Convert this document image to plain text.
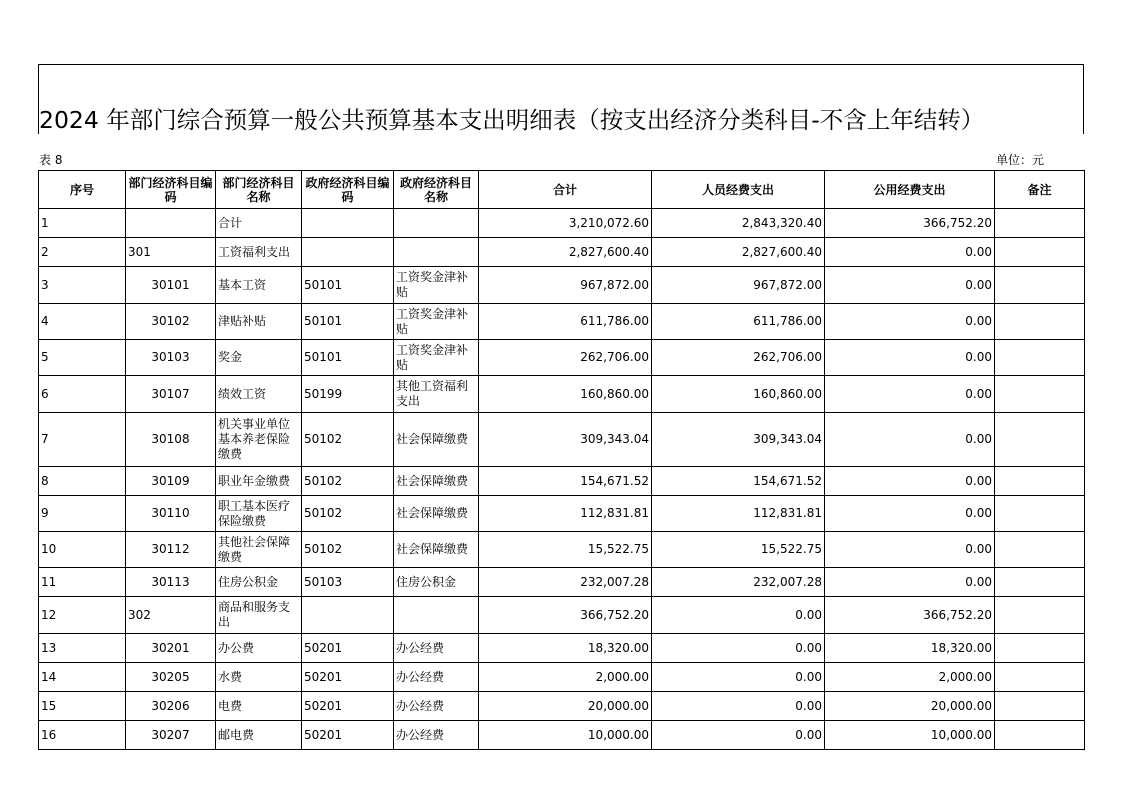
2024 年部门综合预算一般公共预算基本支出明细表（按支出经济分类科目-不含上年结转）
表 8	单位：元
序号	部门经济科目编码	部门经济科目名称	政府经济科目编码	政府经济科目名称	合计	人员经费支出	公用经费支出	备注
1		合计			3,210,072.60	2,843,320.40	366,752.20	
2	301	工资福利支出			2,827,600.40	2,827,600.40	0.00	
3	30101	基本工资	50101	工资奖金津补贴	967,872.00	967,872.00	0.00	
4	30102	津贴补贴	50101	工资奖金津补贴	611,786.00	611,786.00	0.00	
5	30103	奖金	50101	工资奖金津补贴	262,706.00	262,706.00	0.00	
6	30107	绩效工资	50199	其他工资福利支出	160,860.00	160,860.00	0.00	
7	30108	机关事业单位基本养老保险缴费	50102	社会保障缴费	309,343.04	309,343.04	0.00	
8	30109	职业年金缴费	50102	社会保障缴费	154,671.52	154,671.52	0.00	
9	30110	职工基本医疗保险缴费	50102	社会保障缴费	112,831.81	112,831.81	0.00	
10	30112	其他社会保障缴费	50102	社会保障缴费	15,522.75	15,522.75	0.00	
11	30113	住房公积金	50103	住房公积金	232,007.28	232,007.28	0.00	
12	302	商品和服务支出			366,752.20	0.00	366,752.20	
13	30201	办公费	50201	办公经费	18,320.00	0.00	18,320.00	
14	30205	水费	50201	办公经费	2,000.00	0.00	2,000.00	
15	30206	电费	50201	办公经费	20,000.00	0.00	20,000.00	
16	30207	邮电费	50201	办公经费	10,000.00	0.00	10,000.00	
